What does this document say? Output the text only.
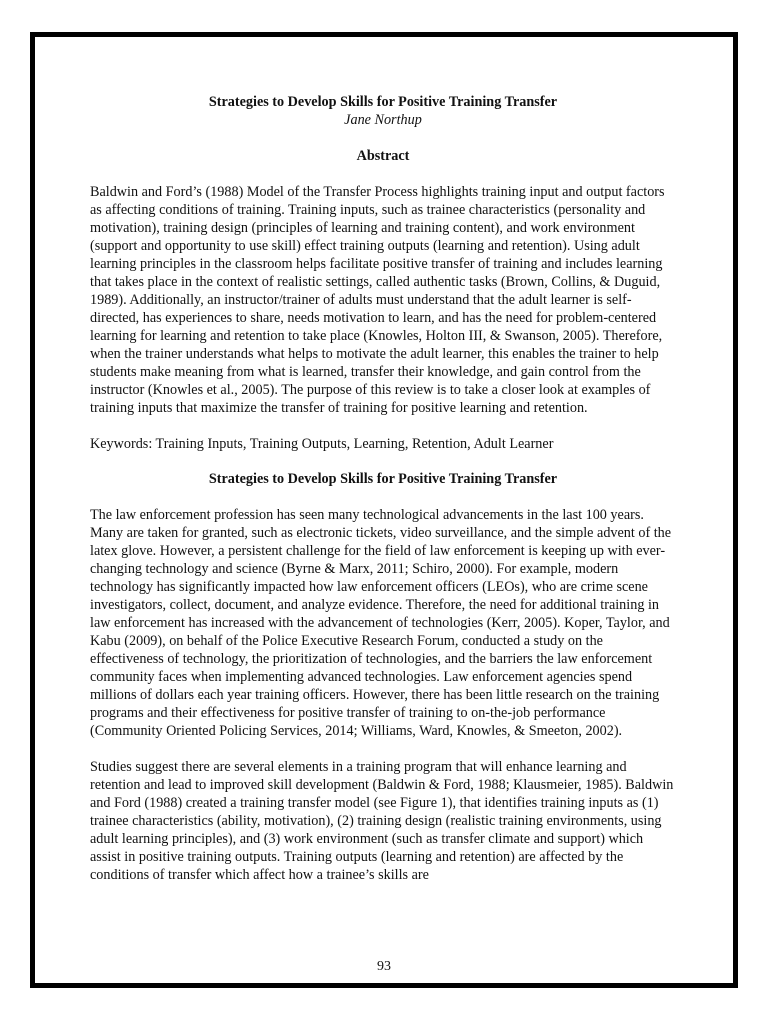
Strategies to Develop Skills for Positive Training Transfer

Jane Northup

Abstract

Baldwin and Ford’s (1988) Model of the Transfer Process highlights training input and output factors as affecting conditions of training. Training inputs, such as trainee characteristics (personality and motivation), training design (principles of learning and training content), and work environment (support and opportunity to use skill) effect training outputs (learning and retention). Using adult learning principles in the classroom helps facilitate positive transfer of training and includes learning that takes place in the context of realistic settings, called authentic tasks (Brown, Collins, & Duguid, 1989). Additionally, an instructor/trainer of adults must understand that the adult learner is self-directed, has experiences to share, needs motivation to learn, and has the need for problem-centered learning for learning and retention to take place (Knowles, Holton III, & Swanson, 2005). Therefore, when the trainer understands what helps to motivate the adult learner, this enables the trainer to help students make meaning from what is learned, transfer their knowledge, and gain control from the instructor (Knowles et al., 2005). The purpose of this review is to take a closer look at examples of training inputs that maximize the transfer of training for positive learning and retention.

Keywords: Training Inputs, Training Outputs, Learning, Retention, Adult Learner

Strategies to Develop Skills for Positive Training Transfer

The law enforcement profession has seen many technological advancements in the last 100 years. Many are taken for granted, such as electronic tickets, video surveillance, and the simple advent of the latex glove. However, a persistent challenge for the field of law enforcement is keeping up with ever-changing technology and science (Byrne & Marx, 2011; Schiro, 2000). For example, modern technology has significantly impacted how law enforcement officers (LEOs), who are crime scene investigators, collect, document, and analyze evidence. Therefore, the need for additional training in law enforcement has increased with the advancement of technologies (Kerr, 2005). Koper, Taylor, and Kabu (2009), on behalf of the Police Executive Research Forum, conducted a study on the effectiveness of technology, the prioritization of technologies, and the barriers the law enforcement community faces when implementing advanced technologies. Law enforcement agencies spend millions of dollars each year training officers. However, there has been little research on the training programs and their effectiveness for positive transfer of training to on-the-job performance (Community Oriented Policing Services, 2014; Williams, Ward, Knowles, & Smeeton, 2002).

Studies suggest there are several elements in a training program that will enhance learning and retention and lead to improved skill development (Baldwin & Ford, 1988; Klausmeier, 1985). Baldwin and Ford (1988) created a training transfer model (see Figure 1), that identifies training inputs as (1) trainee characteristics (ability, motivation), (2) training design (realistic training environments, using adult learning principles), and (3) work environment (such as transfer climate and support) which assist in positive training outputs. Training outputs (learning and retention) are affected by the conditions of transfer which affect how a trainee’s skills are

93
